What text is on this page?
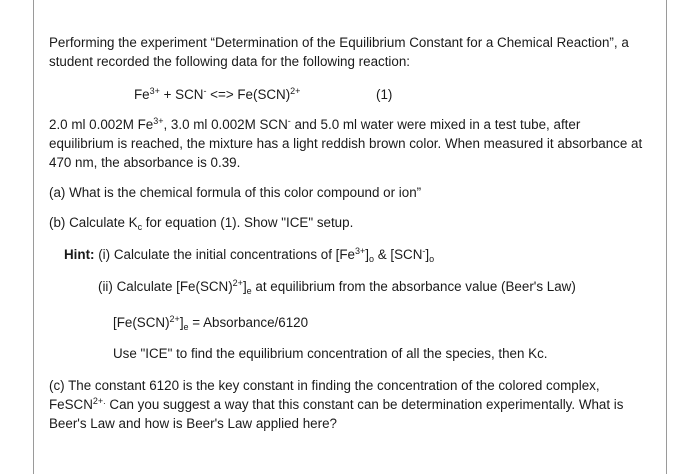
Performing the experiment “Determination of the Equilibrium Constant for a Chemical Reaction”, a
student recorded the following data for the following reaction:
$Fe^{3+} + SCN^-$ <=> Fe(SCN)$^{2+}$	(1)
2.0 ml 0.002M $Fe^{3+}$, 3.0 ml 0.002M SCN- and 5.0 ml water were mixed in a test tube, after
equilibrium is reached, the mixture has a light reddish brown color. When measured it absorbance at
470 nm, the absorbance is 0.39.
(a) What is the chemical formula of this color compound or ion”
(b) Calculate $K_c$ for equation (1). Show "ICE" setup.
Hint: (i) Calculate the initial concentrations of $[Fe^{3+}]_o$ & $[SCN^-]_o$
(ii) Calculate $[Fe(SCN)^{2+}]_e$ at equilibrium from the absorbance value (Beer's Law)
$[Fe(SCN)^{2+}]_e$ = Absorbance/6120
Use "ICE" to find the equilibrium concentration of all the species, then Kc.
(c) The constant 6120 is the key constant in finding the concentration of the colored complex,
FeSCN$^{2+.}$ Can you suggest a way that this constant can be determination experimentally. What is
Beer's Law and how is Beer's Law applied here?
